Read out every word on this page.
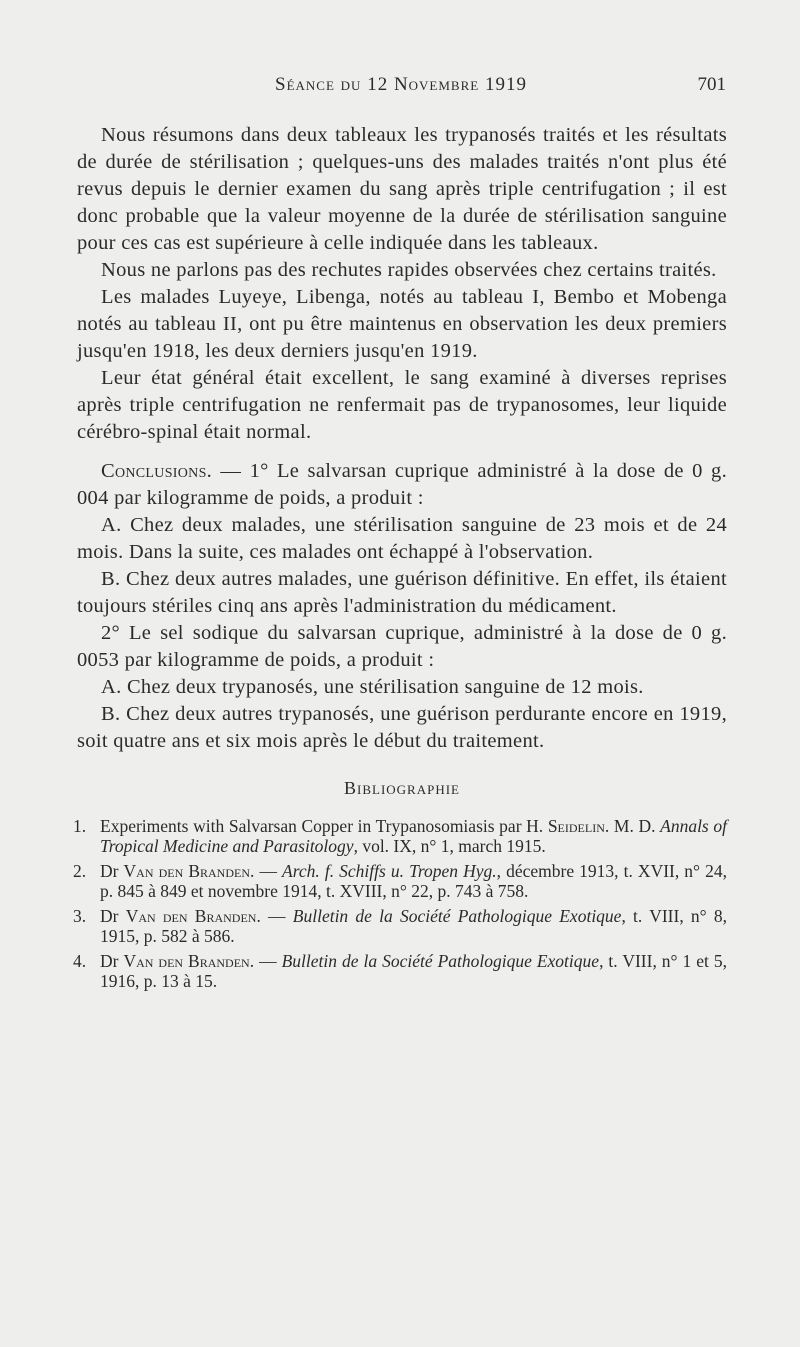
Séance du 12 Novembre 1919	701

Nous résumons dans deux tableaux les trypanosés traités et les résultats de durée de stérilisation ; quelques-uns des malades traités n'ont plus été revus depuis le dernier examen du sang après triple centrifugation ; il est donc probable que la valeur moyenne de la durée de stérilisation sanguine pour ces cas est supérieure à celle indiquée dans les tableaux.

Nous ne parlons pas des rechutes rapides observées chez certains traités.

Les malades Luyeye, Libenga, notés au tableau I, Bembo et Mobenga notés au tableau II, ont pu être maintenus en observation les deux premiers jusqu'en 1918, les deux derniers jusqu'en 1919.

Leur état général était excellent, le sang examiné à diverses reprises après triple centrifugation ne renfermait pas de trypanosomes, leur liquide cérébro-spinal était normal.

Conclusions. — 1° Le salvarsan cuprique administré à la dose de 0 g. 004 par kilogramme de poids, a produit :

A. Chez deux malades, une stérilisation sanguine de 23 mois et de 24 mois. Dans la suite, ces malades ont échappé à l'observation.

B. Chez deux autres malades, une guérison définitive. En effet, ils étaient toujours stériles cinq ans après l'administration du médicament.

2° Le sel sodique du salvarsan cuprique, administré à la dose de 0 g. 0053 par kilogramme de poids, a produit :

A. Chez deux trypanosés, une stérilisation sanguine de 12 mois.

B. Chez deux autres trypanosés, une guérison perdurante encore en 1919, soit quatre ans et six mois après le début du traitement.

Bibliographie
1. Experiments with Salvarsan Copper in Trypanosomiasis par H. Seidelin. M. D. Annals of Tropical Medicine and Parasitology, vol. IX, n° 1, march 1915.
2. Dr Van den Branden. — Arch. f. Schiffs u. Tropen Hyg., décembre 1913, t. XVII, n° 24, p. 845 à 849 et novembre 1914, t. XVIII, n° 22, p. 743 à 758.
3. Dr Van den Branden. — Bulletin de la Société Pathologique Exotique, t. VIII, n° 8, 1915, p. 582 à 586.
4. Dr Van den Branden. — Bulletin de la Société Pathologique Exotique, t. VIII, n° 1 et 5, 1916, p. 13 à 15.
